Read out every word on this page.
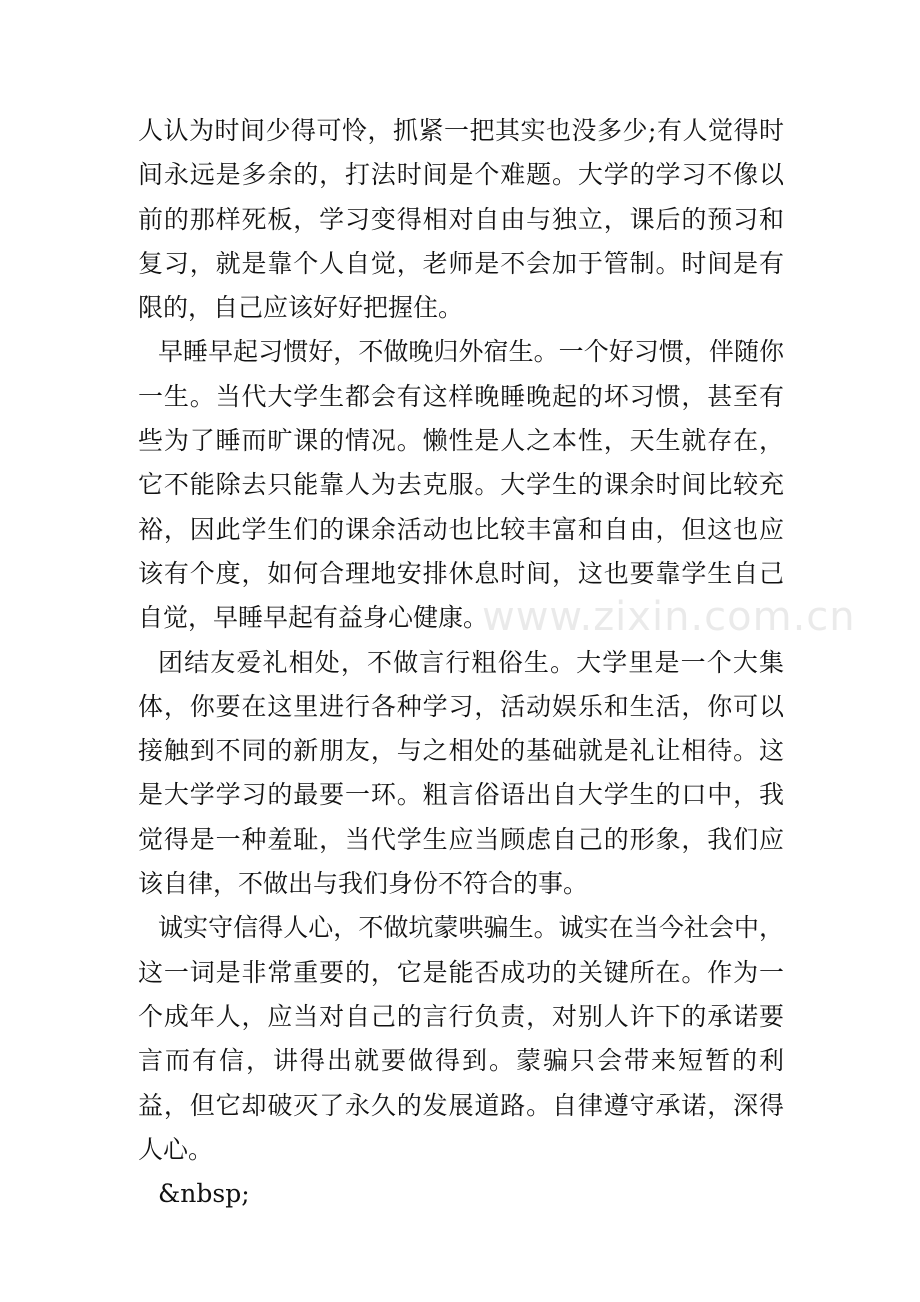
人认为时间少得可怜，抓紧一把其实也没多少;有人觉得时间永远是多余的，打法时间是个难题。大学的学习不像以前的那样死板，学习变得相对自由与独立，课后的预习和复习，就是靠个人自觉，老师是不会加于管制。时间是有限的，自己应该好好把握住。

早睡早起习惯好，不做晚归外宿生。一个好习惯，伴随你一生。当代大学生都会有这样晚睡晚起的坏习惯，甚至有些为了睡而旷课的情况。懒性是人之本性，天生就存在，它不能除去只能靠人为去克服。大学生的课余时间比较充裕，因此学生们的课余活动也比较丰富和自由，但这也应该有个度，如何合理地安排休息时间，这也要靠学生自己自觉，早睡早起有益身心健康。

团结友爱礼相处，不做言行粗俗生。大学里是一个大集体，你要在这里进行各种学习，活动娱乐和生活，你可以接触到不同的新朋友，与之相处的基础就是礼让相待。这是大学学习的最要一环。粗言俗语出自大学生的口中，我觉得是一种羞耻，当代学生应当顾虑自己的形象，我们应该自律，不做出与我们身份不符合的事。

诚实守信得人心，不做坑蒙哄骗生。诚实在当今社会中，这一词是非常重要的，它是能否成功的关键所在。作为一个成年人，应当对自己的言行负责，对别人许下的承诺要言而有信，讲得出就要做得到。蒙骗只会带来短暂的利益，但它却破灭了永久的发展道路。自律遵守承诺，深得人心。

&nbsp;

www.zixin.com.cn
